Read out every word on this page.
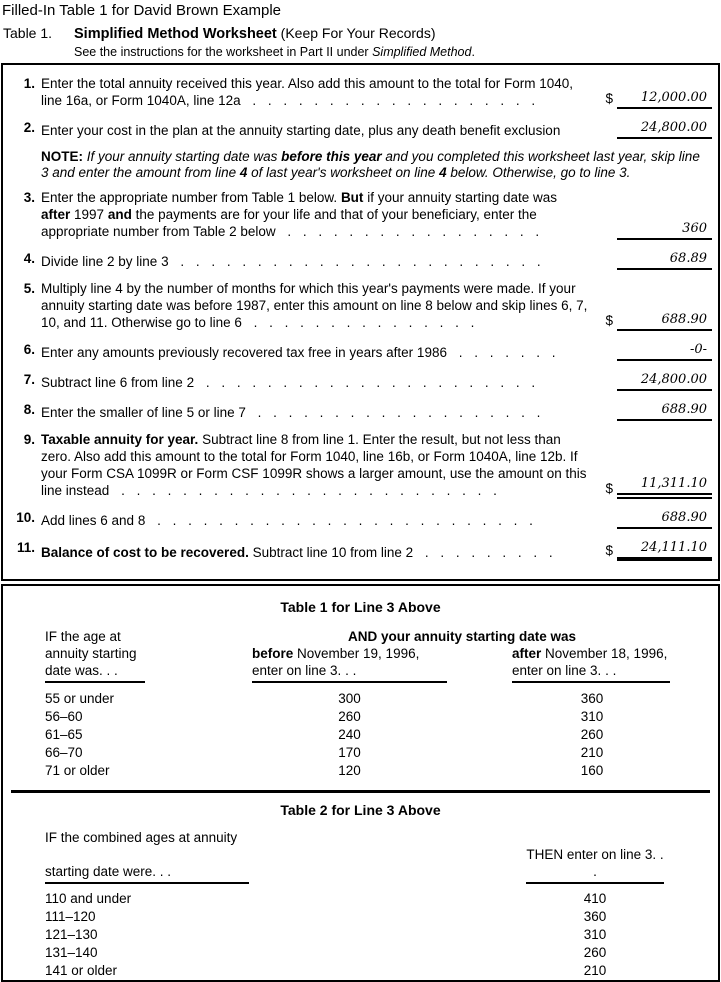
Filled-In Table 1 for David Brown Example
Table 1.	Simplified Method Worksheet (Keep For Your Records)
See the instructions for the worksheet in Part II under Simplified Method.
1. Enter the total annuity received this year. Also add this amount to the total for Form 1040, line 16a, or Form 1040A, line 12a . . . . . . . . . . . . . . . . . . .	$	12,000.00
2. Enter your cost in the plan at the annuity starting date, plus any death benefit exclusion	24,800.00
NOTE: If your annuity starting date was before this year and you completed this worksheet last year, skip line 3 and enter the amount from line 4 of last year's worksheet on line 4 below. Otherwise, go to line 3.
3. Enter the appropriate number from Table 1 below. But if your annuity starting date was after 1997 and the payments are for your life and that of your beneficiary, enter the appropriate number from Table 2 below . . . . . . . . . . . . . . . . .	360
4. Divide line 2 by line 3 . . . . . . . . . . . . . . . . . . . . . . . .	68.89
5. Multiply line 4 by the number of months for which this year's payments were made. If your annuity starting date was before 1987, enter this amount on line 8 below and skip lines 6, 7, 10, and 11. Otherwise go to line 6 . . . . . . . . . . . . . . .	$	688.90
6. Enter any amounts previously recovered tax free in years after 1986 . . . . . . .	-0-
7. Subtract line 6 from line 2 . . . . . . . . . . . . . . . . . . . . . .	24,800.00
8. Enter the smaller of line 5 or line 7 . . . . . . . . . . . . . . . . . . .	688.90
9. Taxable annuity for year. Subtract line 8 from line 1. Enter the result, but not less than zero. Also add this amount to the total for Form 1040, line 16b, or Form 1040A, line 12b. If your Form CSA 1099R or Form CSF 1099R shows a larger amount, use the amount on this line instead . . . . . . . . . . . . . . . . . . . . . . . . .	$	11,311.10
10. Add lines 6 and 8 . . . . . . . . . . . . . . . . . . . . . . . . .	688.90
11. Balance of cost to be recovered. Subtract line 10 from line 2 . . . . . . . . .	$	24,111.10
Table 1 for Line 3 Above
IF the age at	AND your annuity starting date was
annuity starting	before November 19, 1996,	after November 18, 1996,
date was. . .	enter on line 3. . .	enter on line 3. . .
55 or under	300	360
56–60	260	310
61–65	240	260
66–70	170	210
71 or older	120	160
Table 2 for Line 3 Above
IF the combined ages at annuity
starting date were. . .
THEN enter on line 3. . .
110 and under	410
111–120	360
121–130	310
131–140	260
141 or older	210
